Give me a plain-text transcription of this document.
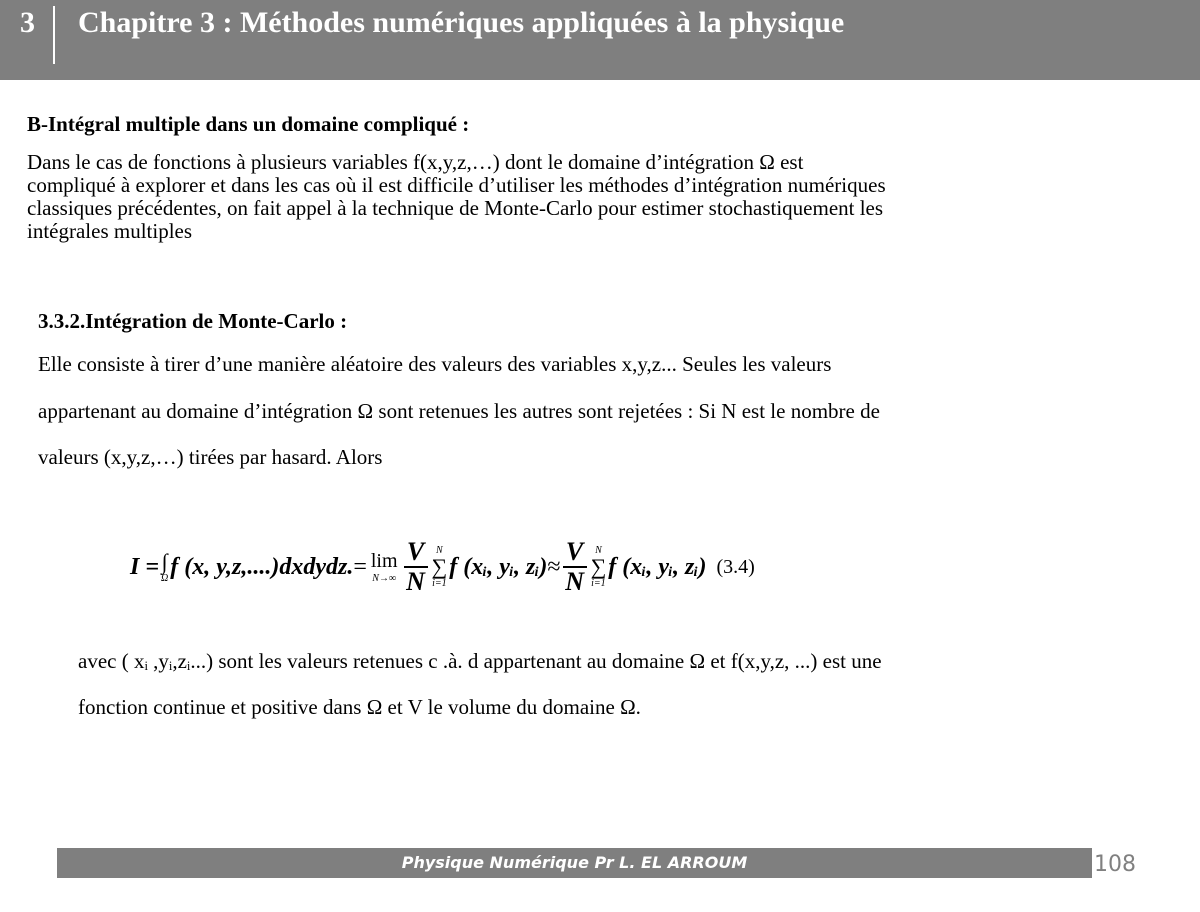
3 Chapitre 3 : Méthodes numériques appliquées à la physique
B-Intégral multiple dans un domaine compliqué :
Dans le cas de fonctions à plusieurs variables f(x,y,z,…) dont le domaine d’intégration Ω est
compliqué à explorer et dans les cas où il est difficile d’utiliser les méthodes d’intégration numériques
classiques précédentes, on fait appel à la technique de Monte-Carlo pour estimer stochastiquement les
intégrales multiples
3.3.2.Intégration de Monte-Carlo :
Elle consiste à tirer d’une manière aléatoire des valeurs des variables x,y,z... Seules les valeurs
appartenant au domaine d’intégration Ω sont retenues les autres sont rejetées : Si N est le nombre de
valeurs (x,y,z,…) tirées par hasard. Alors
I = ∫
Ω f (x, y,z,....)dxdydz. = lim
$N\to\infty \frac{V}{N}$ N
∑
i=1
f (xᵢ, yᵢ, zᵢ) ≈ $\frac{V}{N}$ N
∑
i=1
f (xᵢ, yᵢ, zᵢ) (3.4)
avec ( xᵢ ,yᵢ,zᵢ...) sont les valeurs retenues c .à. d appartenant au domaine Ω et f(x,y,z, ...) est une
fonction continue et positive dans Ω et V le volume du domaine Ω.
Physique Numérique Pr L. EL ARROUM	108
